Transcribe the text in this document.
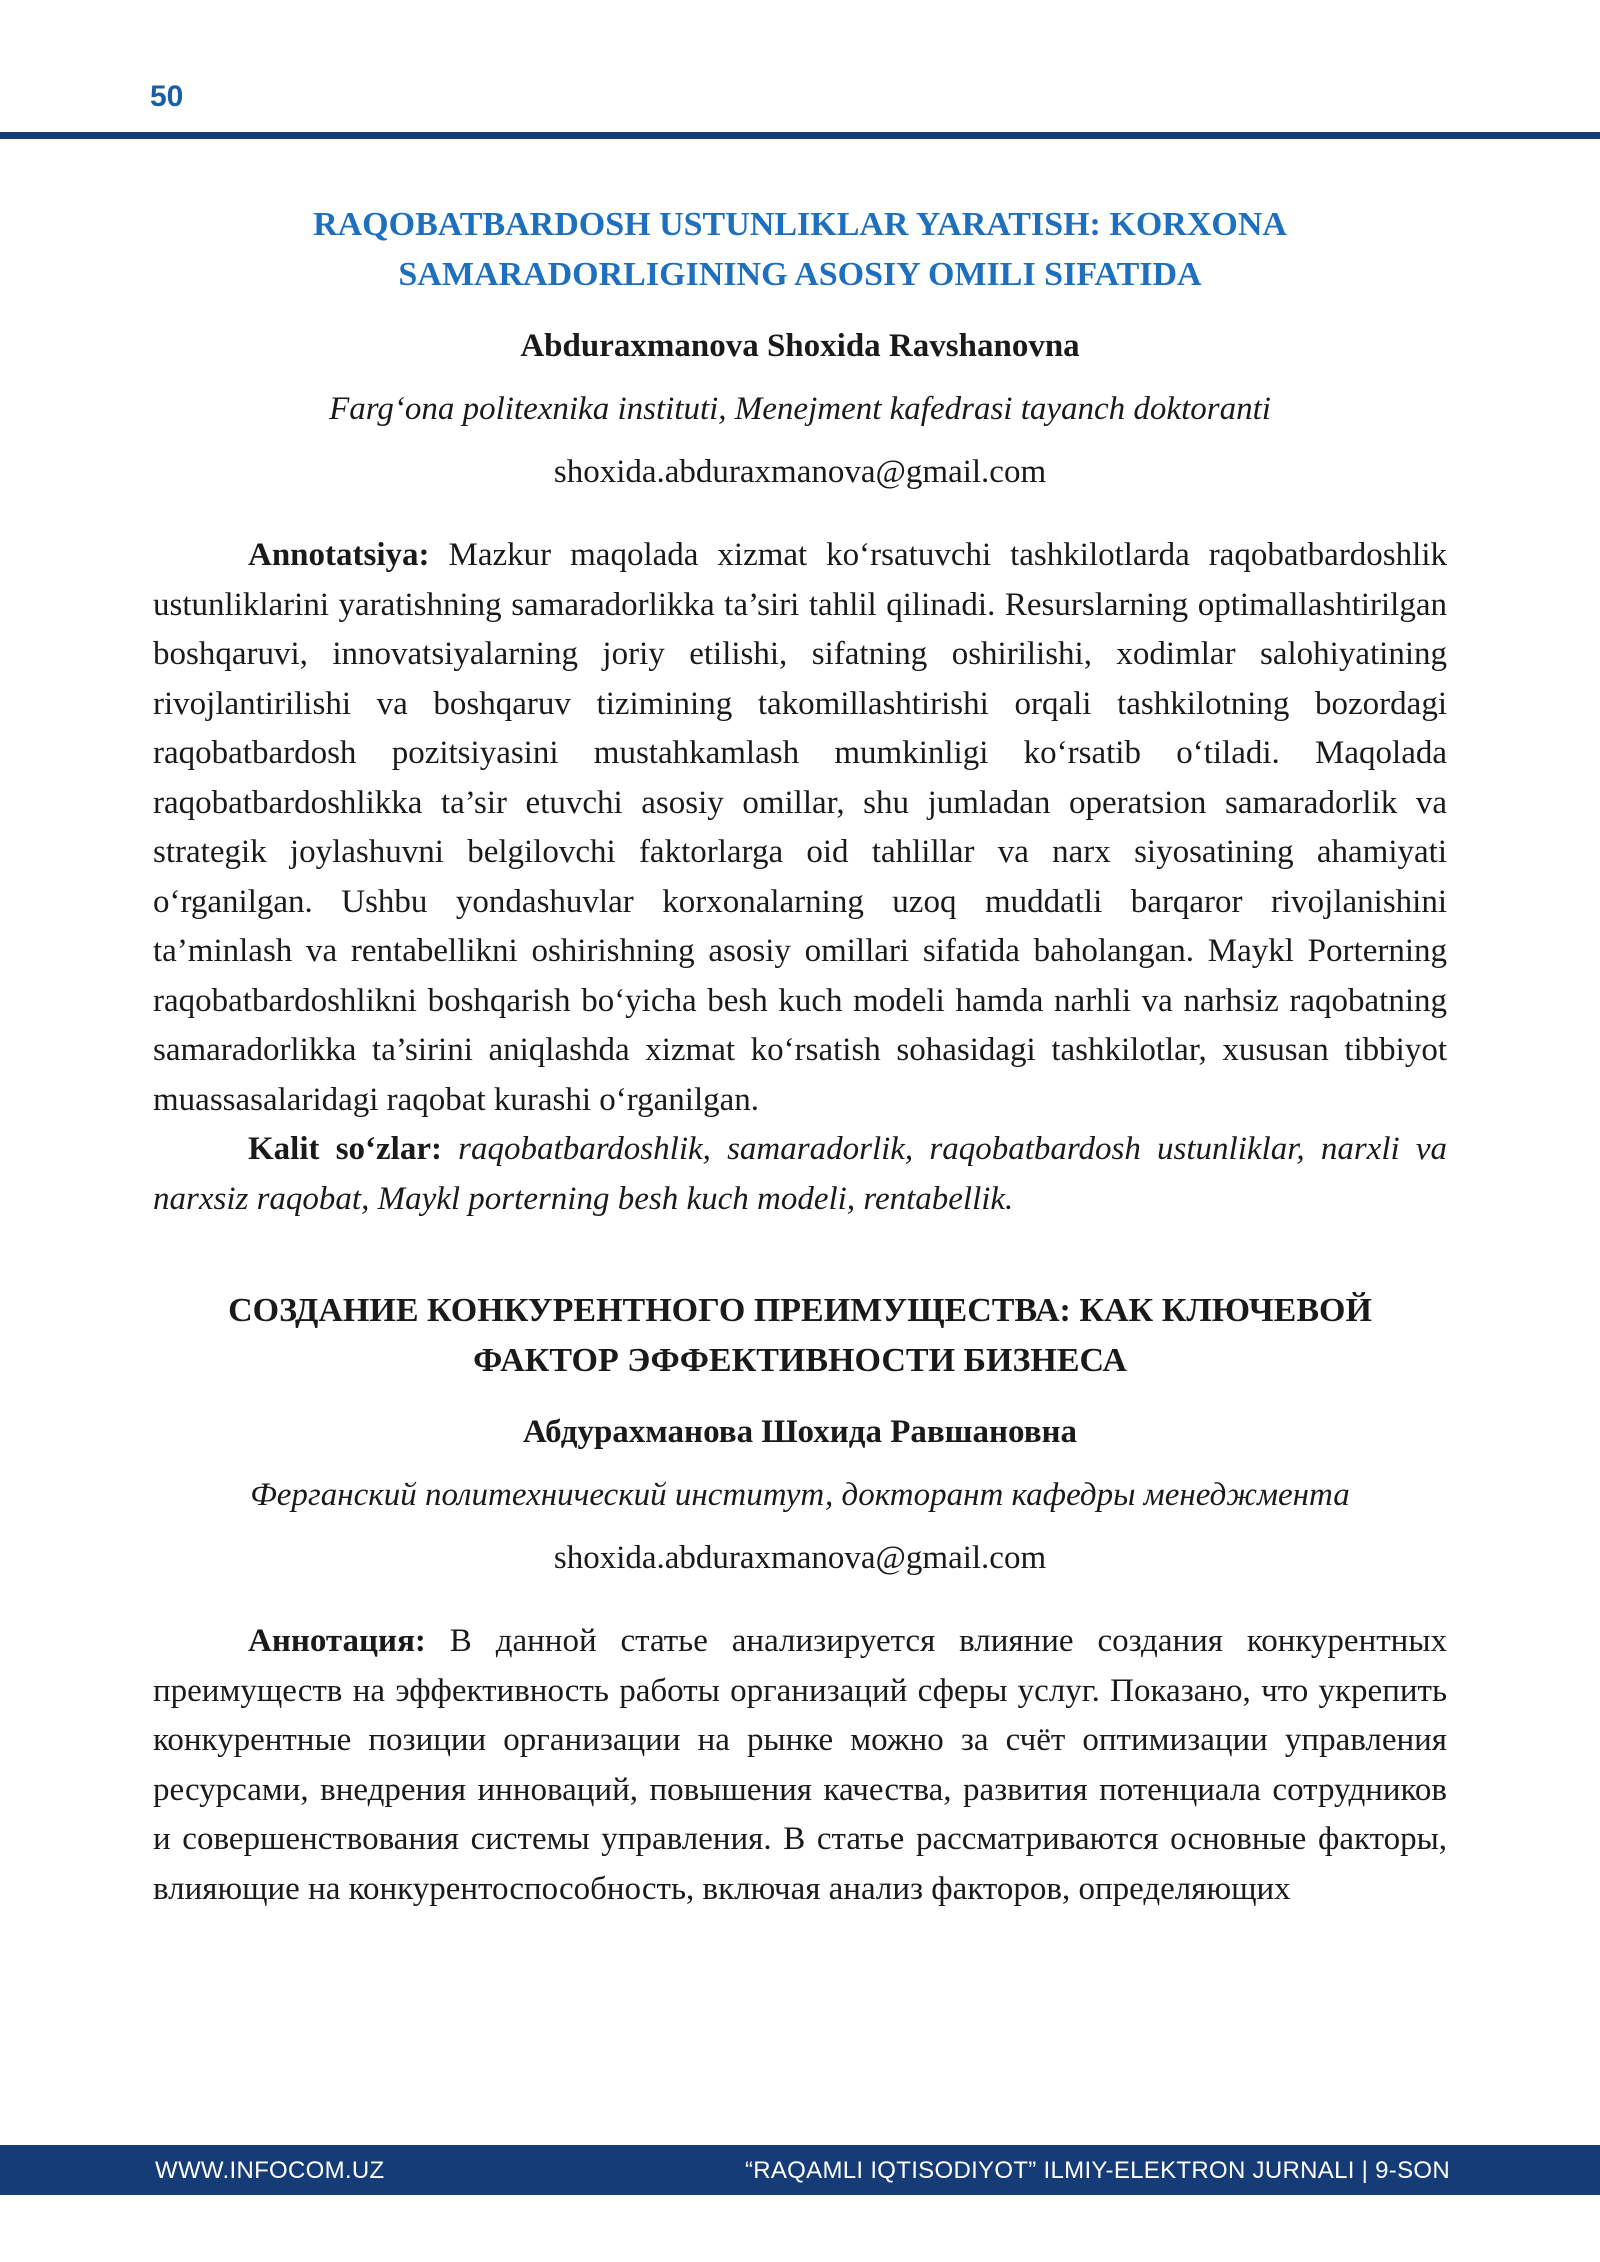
50
RAQOBATBARDOSH USTUNLIKLAR YARATISH: KORXONA
SAMARADORLIGINING ASOSIY OMILI SIFATIDA

Abduraxmanova Shoxida Ravshanovna

Farg‘ona politexnika instituti, Menejment kafedrasi tayanch doktoranti

shoxida.abduraxmanova@gmail.com

Annotatsiya: Mazkur maqolada xizmat ko‘rsatuvchi tashkilotlarda raqobatbardoshlik ustunliklarini yaratishning samaradorlikka ta’siri tahlil qilinadi. Resurslarning optimallashtirilgan boshqaruvi, innovatsiyalarning joriy etilishi, sifatning oshirilishi, xodimlar salohiyatining rivojlantirilishi va boshqaruv tizimining takomillashtirishi orqali tashkilotning bozordagi raqobatbardosh pozitsiyasini mustahkamlash mumkinligi ko‘rsatib o‘tiladi. Maqolada raqobatbardoshlikka ta’sir etuvchi asosiy omillar, shu jumladan operatsion samaradorlik va strategik joylashuvni belgilovchi faktorlarga oid tahlillar va narx siyosatining ahamiyati o‘rganilgan. Ushbu yondashuvlar korxonalarning uzoq muddatli barqaror rivojlanishini ta’minlash va rentabellikni oshirishning asosiy omillari sifatida baholangan. Maykl Porterning raqobatbardoshlikni boshqarish bo‘yicha besh kuch modeli hamda narhli va narhsiz raqobatning samaradorlikka ta’sirini aniqlashda xizmat ko‘rsatish sohasidagi tashkilotlar, xususan tibbiyot muassasalaridagi raqobat kurashi o‘rganilgan.

Kalit so‘zlar: raqobatbardoshlik, samaradorlik, raqobatbardosh ustunliklar, narxli va narxsiz raqobat, Maykl porterning besh kuch modeli, rentabellik.

СОЗДАНИЕ КОНКУРЕНТНОГО ПРЕИМУЩЕСТВА: КАК КЛЮЧЕВОЙ
ФАКТОР ЭФФЕКТИВНОСТИ БИЗНЕСА

Абдурахманова Шохида Равшановна

Ферганский политехнический институт, докторант кафедры менеджмента

shoxida.abduraxmanova@gmail.com

Аннотация: В данной статье анализируется влияние создания конкурентных преимуществ на эффективность работы организаций сферы услуг. Показано, что укрепить конкурентные позиции организации на рынке можно за счёт оптимизации управления ресурсами, внедрения инноваций, повышения качества, развития потенциала сотрудников и совершенствования системы управления. В статье рассматриваются основные факторы, влияющие на конкурентоспособность, включая анализ факторов, определяющих

WWW.INFOCOM.UZ	“RAQAMLI IQTISODIYOT” ILMIY-ELEKTRON JURNALI | 9-SON
